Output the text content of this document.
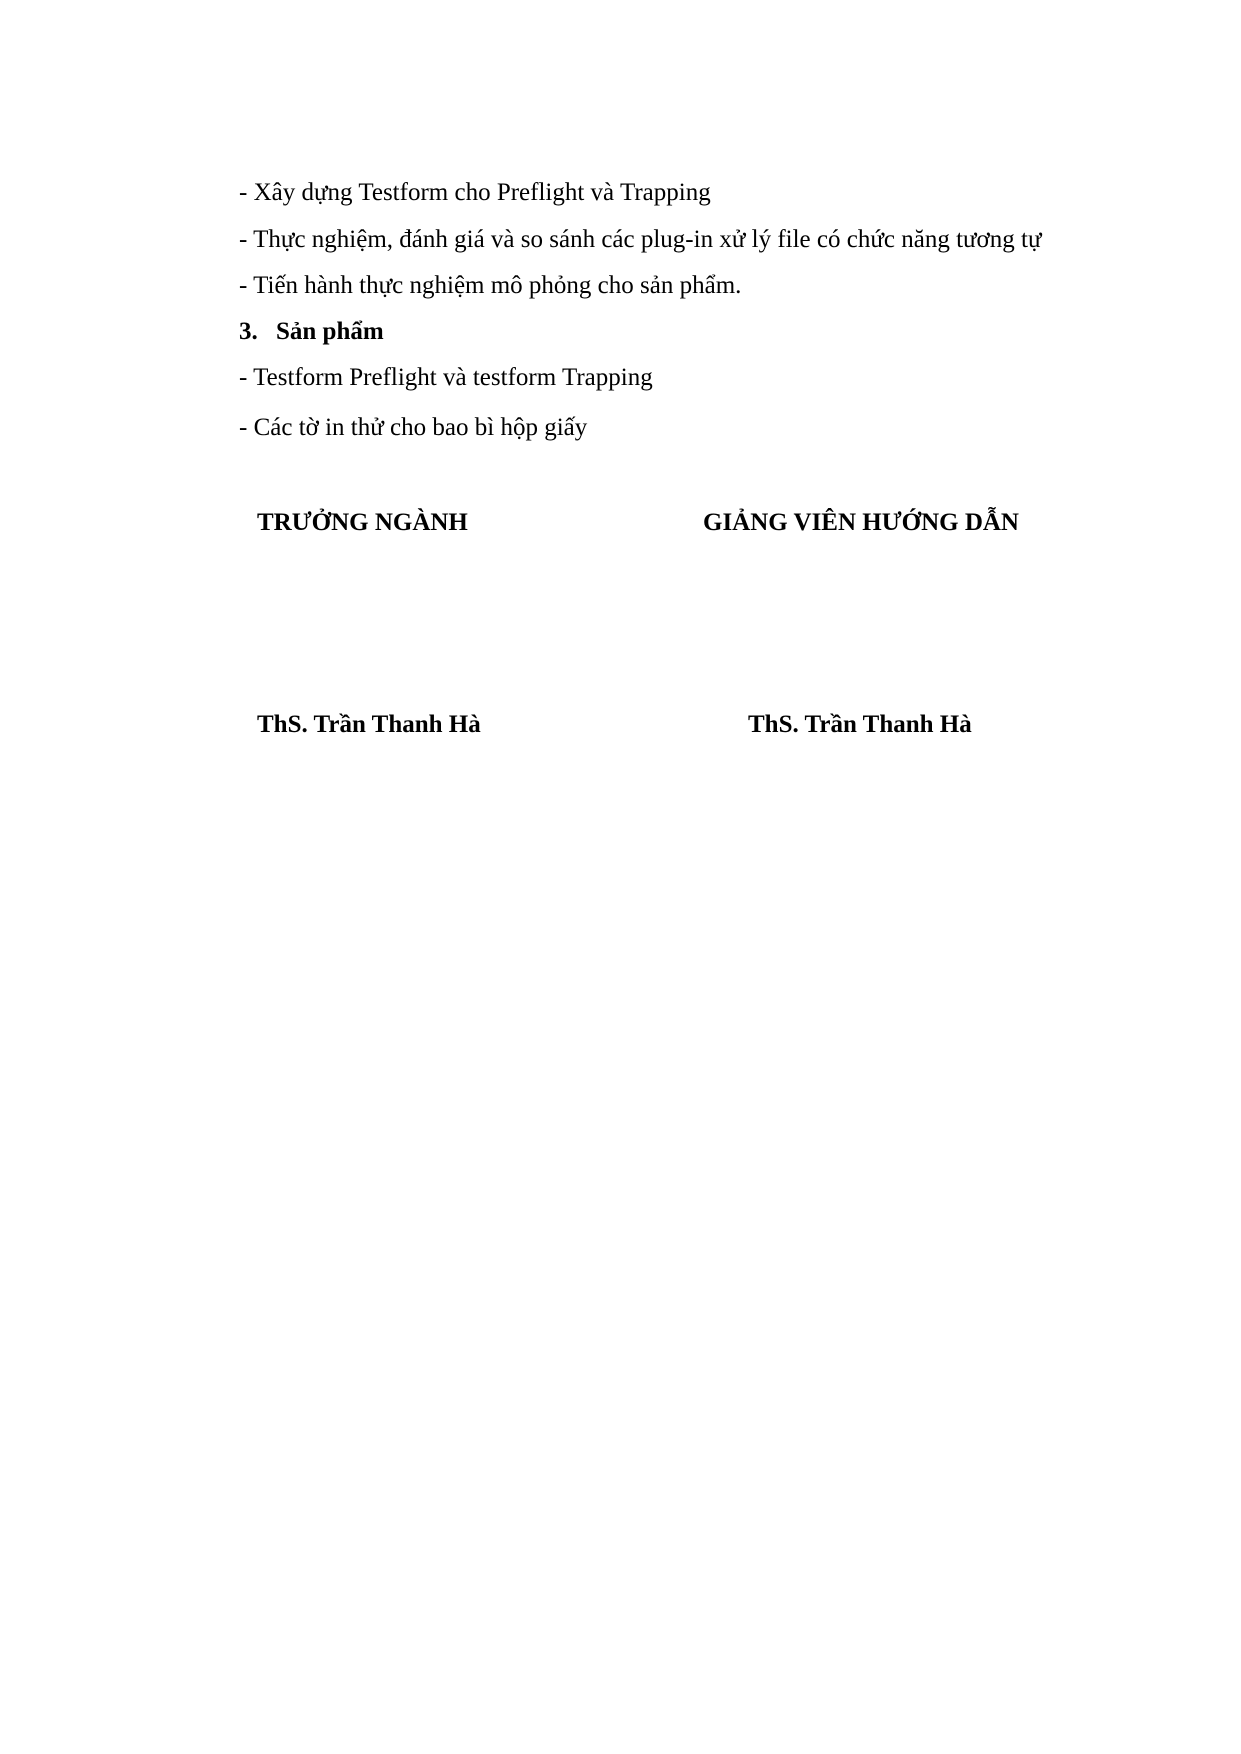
- Xây dựng Testform cho Preflight và Trapping
- Thực nghiệm, đánh giá và so sánh các plug-in xử lý file có chức năng tương tự
- Tiến hành thực nghiệm mô phỏng cho sản phẩm.
3. Sản phẩm
- Testform Preflight và testform Trapping
- Các tờ in thử cho bao bì hộp giấy
TRƯỞNG NGÀNH	GIẢNG VIÊN HƯỚNG DẪN
ThS. Trần Thanh Hà	ThS. Trần Thanh Hà
